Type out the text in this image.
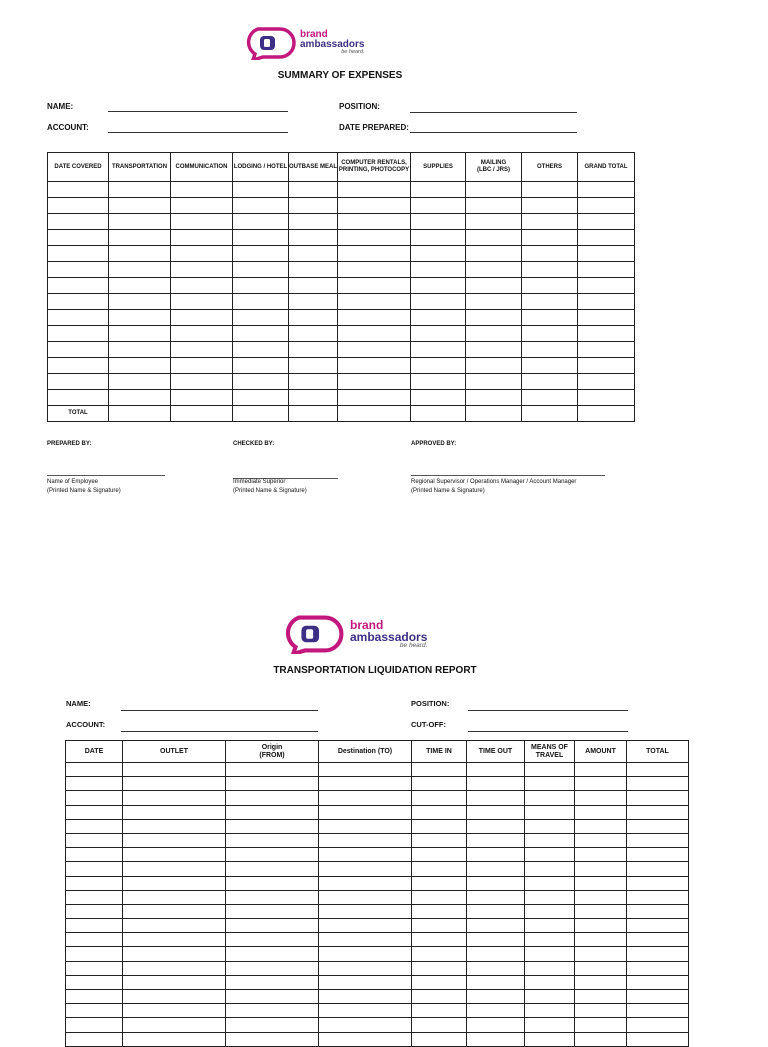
brand
ambassadors
be heard.
SUMMARY OF EXPENSES
NAME:
ACCOUNT:
POSITION:
DATE PREPARED:
DATE COVERED	TRANSPORTATION	COMMUNICATION	LODGING / HOTEL	OUTBASE MEAL	COMPUTER RENTALS, PRINTING, PHOTOCOPY	SUPPLIES	MAILING (LBC / JRS)	OTHERS	GRAND TOTAL

TOTAL									
PREPARED BY:	CHECKED BY:	APPROVED BY:
Name of Employee
(Printed Name & Signature)
Immediate Superior
(Printed Name & Signature)
Regional Supervisor / Operations Manager / Account Manager
(Printed Name & Signature)
brand
ambassadors
be heard.
TRANSPORTATION LIQUIDATION REPORT
NAME:
ACCOUNT:
POSITION:
CUT-OFF:
DATE	OUTLET	Origin (FROM)	Destination (TO)	TIME IN	TIME OUT	MEANS OF TRAVEL	AMOUNT	TOTAL
